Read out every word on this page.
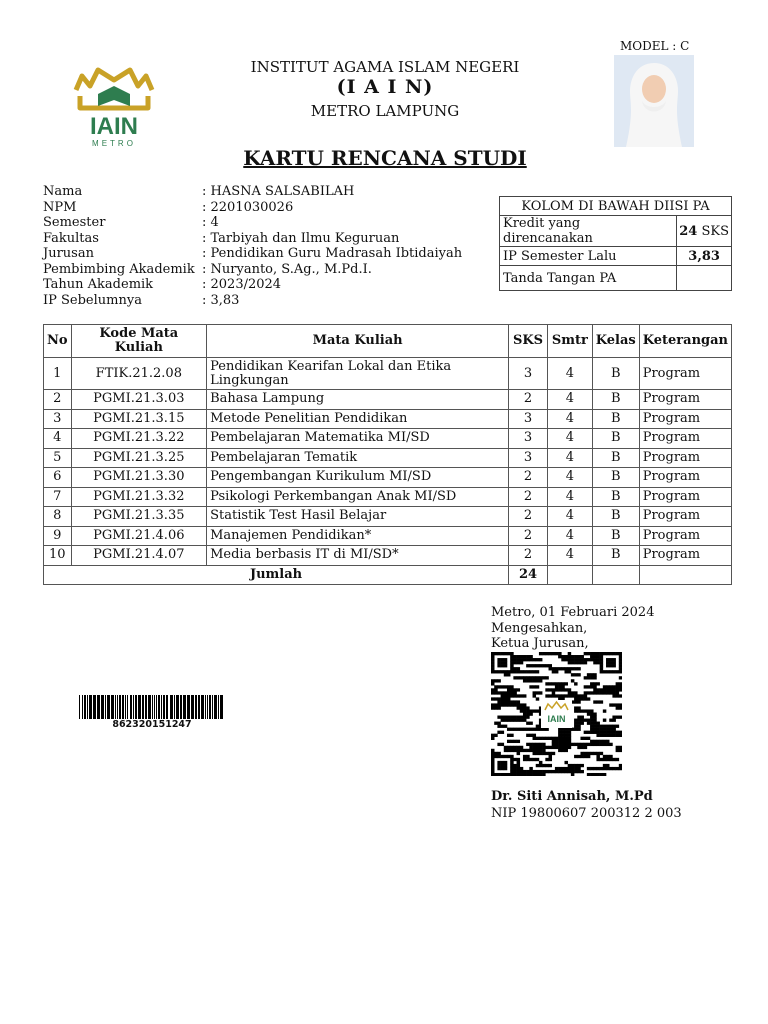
MODEL : C
IAIN
METRO
INSTITUT AGAMA ISLAM NEGERI
(I A I N)
METRO LAMPUNG
KARTU RENCANA STUDI
Nama	: HASNA SALSABILAH
NPM	: 2201030026
Semester	: 4
Fakultas	: Tarbiyah dan Ilmu Keguruan
Jurusan	: Pendidikan Guru Madrasah Ibtidaiyah
Pembimbing Akademik : Nuryanto, S.Ag., M.Pd.I.
Tahun Akademik	: 2023/2024
IP Sebelumnya	: 3,83
KOLOM DI BAWAH DIISI PA	
Kredit yang direncanakan	24 SKS
IP Semester Lalu	3,83
Tanda Tangan PA	
No	Kode Mata Kuliah	Mata Kuliah	SKS	Smtr	Kelas	Keterangan
1	FTIK.21.2.08	Pendidikan Kearifan Lokal dan Etika Lingkungan	3	4	B	Program
2	PGMI.21.3.03	Bahasa Lampung	2	4	B	Program
3	PGMI.21.3.15	Metode Penelitian Pendidikan	3	4	B	Program
4	PGMI.21.3.22	Pembelajaran Matematika MI/SD	3	4	B	Program
5	PGMI.21.3.25	Pembelajaran Tematik	3	4	B	Program
6	PGMI.21.3.30	Pengembangan Kurikulum MI/SD	2	4	B	Program
7	PGMI.21.3.32	Psikologi Perkembangan Anak MI/SD	2	4	B	Program
8	PGMI.21.3.35	Statistik Test Hasil Belajar	2	4	B	Program
9	PGMI.21.4.06	Manajemen Pendidikan*	2	4	B	Program
10	PGMI.21.4.07	Media berbasis IT di MI/SD*	2	4	B	Program
Jumlah			24			
Metro, 01 Februari 2024
Mengesahkan,
Ketua Jurusan,
IAIN
Dr. Siti Annisah, M.Pd
NIP 19800607 200312 2 003
862320151247
